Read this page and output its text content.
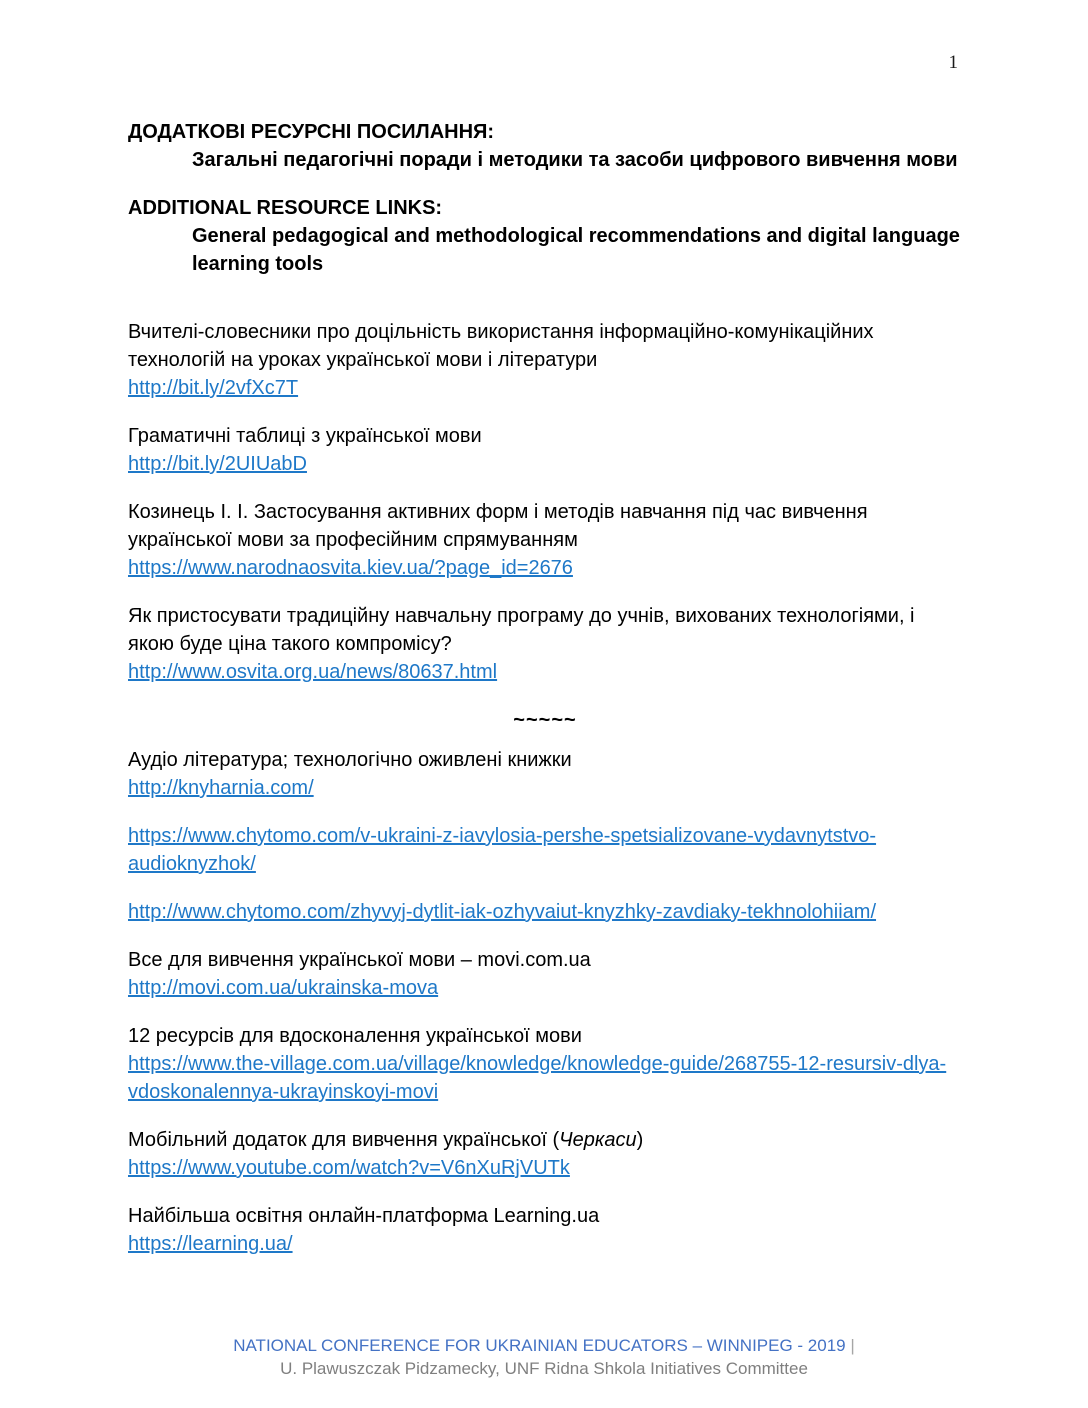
1
ДОДАТКОВІ РЕСУРСНІ ПОСИЛАННЯ:
Загальні педагогічні поради і методики та засоби цифрового вивчення мови
ADDITIONAL RESOURCE LINKS:
General pedagogical and methodological recommendations and digital language learning tools
Вчителі-словесники про доцільність використання інформаційно-комунікаційних технологій на уроках української мови і літератури
http://bit.ly/2vfXc7T
Граматичні таблиці з української мови
http://bit.ly/2UIUabD
Козинець І. І. Застосування активних форм і методів навчання під час вивчення української мови за професійним спрямуванням
https://www.narodnaosvita.kiev.ua/?page_id=2676
Як пристосувати традиційну навчальну програму до учнів, вихованих технологіями, і якою буде ціна такого компромісу?
http://www.osvita.org.ua/news/80637.html
~~~~~
Аудіо література; технологічно оживлені книжки
http://knyharnia.com/
https://www.chytomo.com/v-ukraini-z-iavylosia-pershe-spetsializovane-vydavnytstvo-audioknyzhok/
http://www.chytomo.com/zhyvyj-dytlit-iak-ozhyvaiut-knyzhky-zavdiaky-tekhnolohiiam/
Все для вивчення української мови – movi.com.ua
http://movi.com.ua/ukrainska-mova
12 ресурсів для вдосконалення української мови
https://www.the-village.com.ua/village/knowledge/knowledge-guide/268755-12-resursiv-dlya-vdoskonalennya-ukrayinskoyi-movi
Мобільний додаток для вивчення української (Черкаси)
https://www.youtube.com/watch?v=V6nXuRjVUTk
Найбільша освітня онлайн-платформа Learning.ua
https://learning.ua/
NATIONAL CONFERENCE FOR UKRAINIAN EDUCATORS – WINNIPEG - 2019 |
U. Plawuszczak Pidzamecky, UNF Ridna Shkola Initiatives Committee
